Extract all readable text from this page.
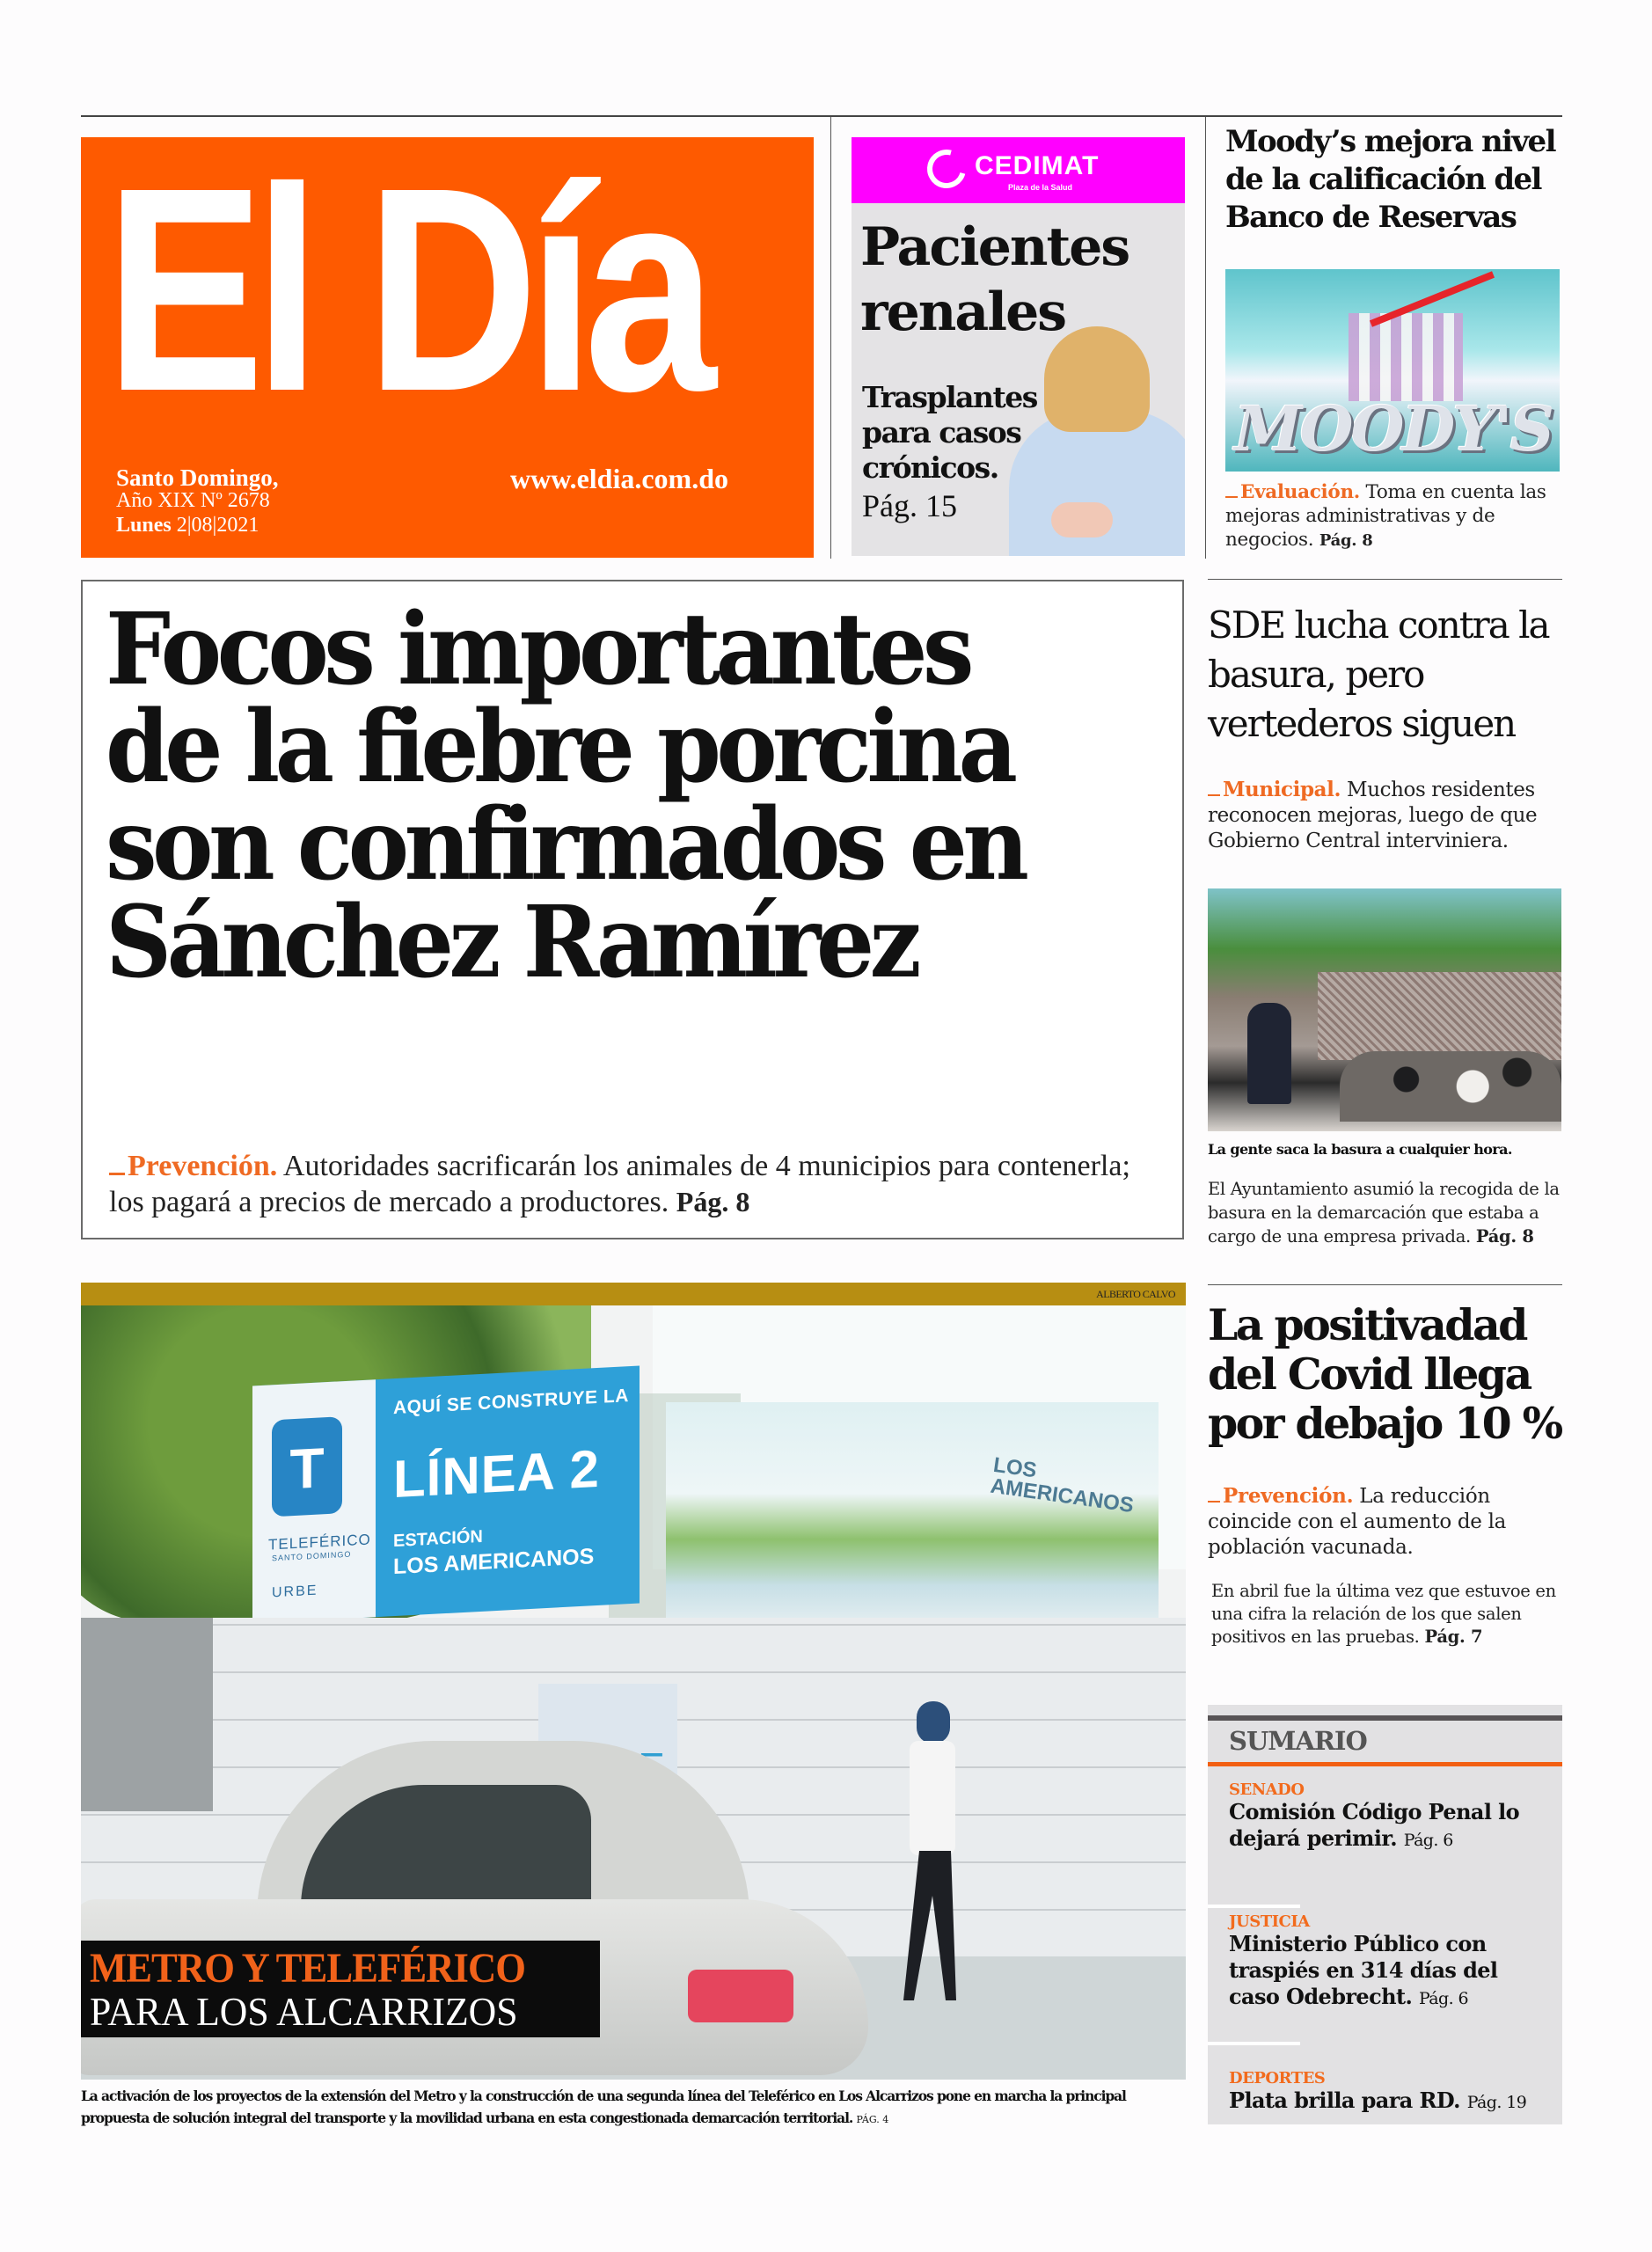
El Día
Santo Domingo,
Año XIX Nº 2678
Lunes 2|08|2021
www.eldia.com.do
CEDIMAT
Plaza de la Salud
Pacientes renales
Trasplantes para casos crónicos.
Pág. 15
Moody’s mejora nivel de la calificación del Banco de Reservas
MOODY'S
Evaluación. Toma en cuenta las mejoras administrativas y de negocios. Pág. 8
Focos importantes de la fiebre porcina son confirmados en Sánchez Ramírez
Prevención. Autoridades sacrificarán los animales de 4 municipios para contenerla; los pagará a precios de mercado a productores. Pág. 8
SDE lucha contra la basura, pero vertederos siguen
Municipal. Muchos residentes reconocen mejoras, luego de que Gobierno Central interviniera.
La gente saca la basura a cualquier hora.
El Ayuntamiento asumió la recogida de la basura en la demarcación que estaba a cargo de una empresa privada. Pág. 8
La positivadad del Covid llega por debajo 10 %
Prevención. La reducción coincide con el aumento de la población vacunada.
En abril fue la última vez que estuvoe en una cifra la relación de los que salen positivos en las pruebas. Pág. 7
SUMARIO
SENADO
Comisión Código Penal lo dejará perimir. Pág. 6
JUSTICIA
Ministerio Público con traspiés en 314 días del caso Odebrecht. Pág. 6
DEPORTES
Plata brilla para RD. Pág. 19
ALBERTO CALVO
T
TELEFÉRICO
SANTO DOMINGO
URBE
AQUÍ SE CONSTRUYE LA
LÍNEA 2
ESTACIÓN
LOS AMERICANOS
LOS AMERICANOS
METRO Y TELEFÉRICO
PARA LOS ALCARRIZOS
La activación de los proyectos de la extensión del Metro y la construcción de una segunda línea del Teleférico en Los Alcarrizos pone en marcha la principal propuesta de solución integral del transporte y la movilidad urbana en esta congestionada demarcación territorial. PÁG. 4
